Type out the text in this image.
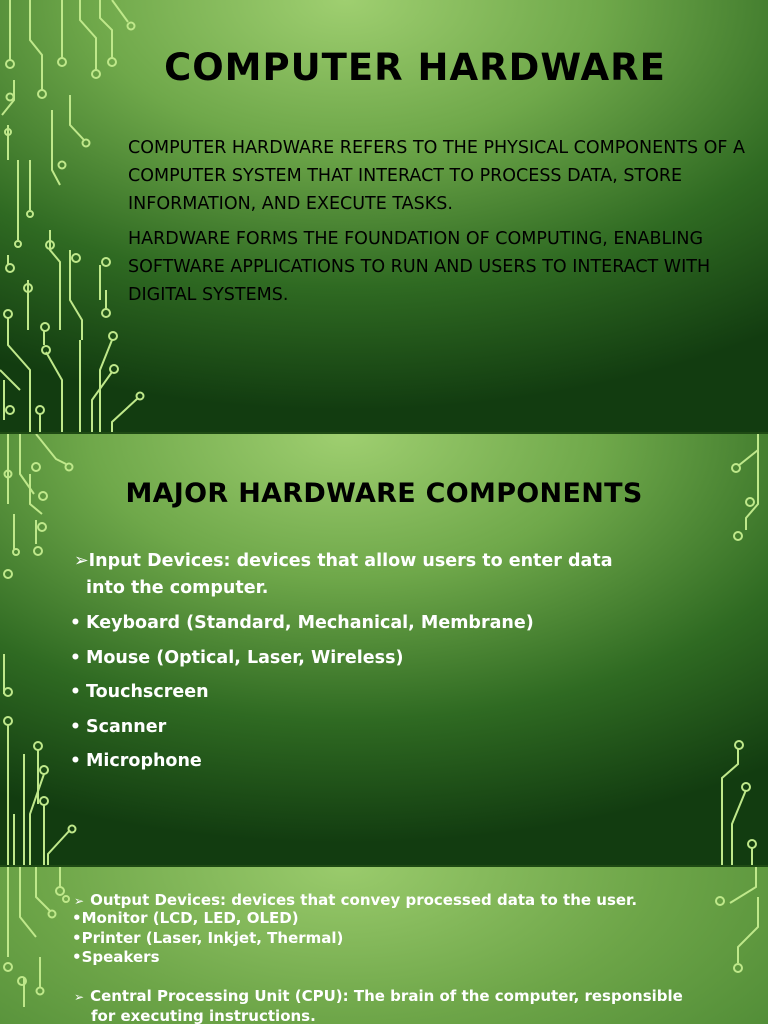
COMPUTER HARDWARE

COMPUTER HARDWARE REFERS TO THE PHYSICAL COMPONENTS OF A COMPUTER SYSTEM THAT INTERACT TO PROCESS DATA, STORE INFORMATION, AND EXECUTE TASKS.

HARDWARE FORMS THE FOUNDATION OF COMPUTING, ENABLING SOFTWARE APPLICATIONS TO RUN AND USERS TO INTERACT WITH DIGITAL SYSTEMS.

MAJOR HARDWARE COMPONENTS
➢Input Devices: devices that allow users to enter data
into the computer.
• Keyboard (Standard, Mechanical, Membrane)
• Mouse (Optical, Laser, Wireless)
• Touchscreen
• Scanner
• Microphone
➢ Output Devices: devices that convey processed data to the user.
•Monitor (LCD, LED, OLED)
•Printer (Laser, Inkjet, Thermal)
•Speakers
➢ Central Processing Unit (CPU): The brain of the computer, responsible
for executing instructions.
